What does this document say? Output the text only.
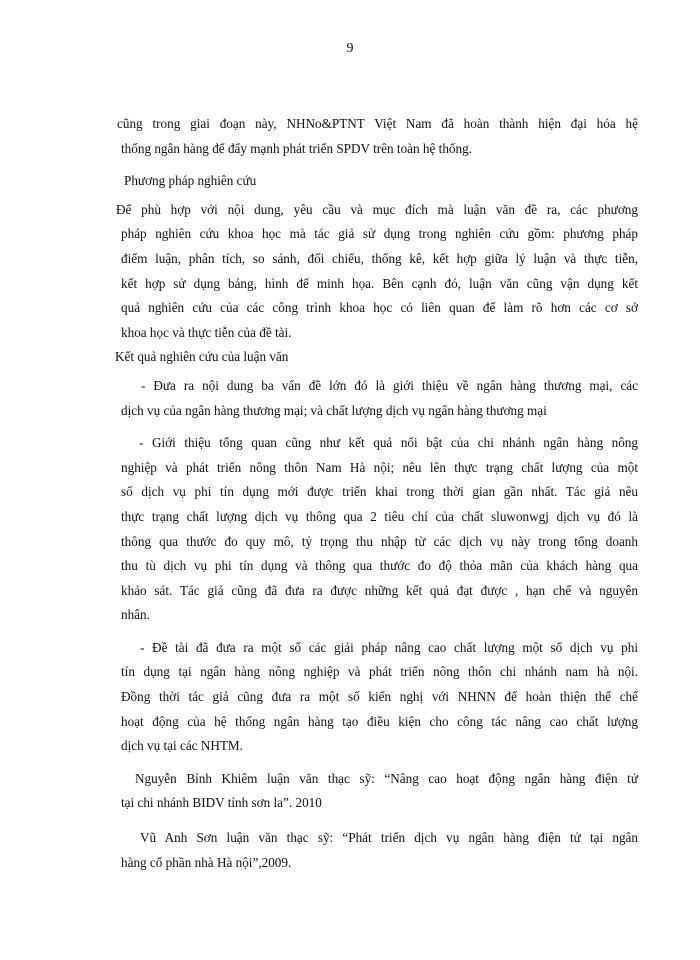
9
cũng trong giai đoạn này, NHNo&PTNT Việt Nam đã hoàn thành hiện đại hóa hệ
thống ngân hàng để đẩy mạnh phát triển SPDV trên toàn hệ thống.
Phương pháp nghiên cứu
Để phù hợp với nội dung, yêu cầu và mục đích mà luận văn đề ra, các phương
pháp nghiên cứu khoa học mà tác giả sử dụng trong nghiên cứu gồm: phương pháp
điểm luận, phân tích, so sánh, đối chiếu, thống kê, kết hợp giữa lý luận và thực tiễn,
kết hợp sử dụng bảng, hình để minh họa. Bên cạnh đó, luận văn cũng vận dụng kết
quả nghiên cứu của các công trình khoa học có liên quan để làm rõ hơn các cơ sở
khoa học và thực tiễn của đề tài.
Kết quả nghiên cứu của luận văn
- Đưa ra nội dung ba vấn đề lớn đó là giới thiệu về ngân hàng thương mại, các
dịch vụ của ngân hàng thương mại; và chất lượng dịch vụ ngân hàng thương mại
- Giới thiệu tổng quan cũng như kết quả nổi bật của chi nhánh ngân hàng nông
nghiệp và phát triển nông thôn Nam Hà nội; nêu lên thực trạng chất lượng của một
số dịch vụ phi tín dụng mới được triển khai trong thời gian gần nhất. Tác giả nêu
thực trạng chất lượng dịch vụ thông qua 2 tiêu chí của chất sluwonwgj dịch vụ đó là
thông qua thước đo quy mô, tỷ trọng thu nhập từ các dịch vụ này trong tổng doanh
thu tù dịch vụ phi tín dụng và thông qua thước đo độ thỏa mãn của khách hàng qua
khảo sát. Tác giả cũng đã đưa ra được những kết quả đạt được , hạn chế và nguyên
nhân.
- Đề tài đã đưa ra một số các giải pháp nâng cao chất lượng một số dịch vụ phi
tín dụng tại ngân hàng nông nghiệp và phát triển nông thôn chi nhánh nam hà nội.
Đồng thời tác giả cũng đưa ra một số kiến nghị với NHNN để hoàn thiện thể chế
hoạt động của hệ thống ngân hàng tạo điều kiện cho công tác nâng cao chất lượng
dịch vụ tại các NHTM.
Nguyễn Bỉnh Khiêm luận văn thạc sỹ: “Nâng cao hoạt động ngân hàng điện tử
tại chi nhánh BIDV tỉnh sơn la”. 2010
Vũ Anh Sơn luận văn thạc sỹ: “Phát triển dịch vụ ngân hàng điện tử tại ngân
hàng cổ phần nhà Hà nội”,2009.
